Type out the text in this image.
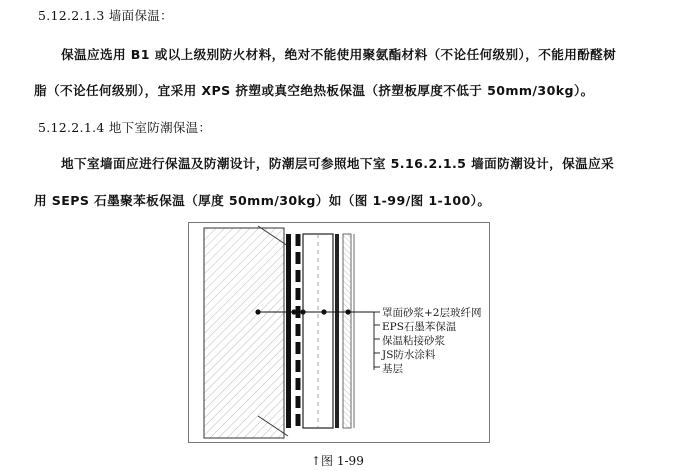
5.12.2.1.3 墙面保温：
保温应选用 B1 或以上级别防火材料，绝对不能使用聚氨酯材料（不论任何级别），不能用酚醛树
脂（不论任何级别），宜采用 XPS 挤塑或真空绝热板保温（挤塑板厚度不低于 50mm/30kg）。
5.12.2.1.4 地下室防潮保温：
地下室墙面应进行保温及防潮设计，防潮层可参照地下室 5.16.2.1.5 墙面防潮设计，保温应采
用 SEPS 石墨聚苯板保温（厚度 50mm/30kg）如（图 1-99/图 1-100）。
罩面砂浆+2层玻纤网
EPS石墨苯保温
保温粘接砂浆
JS防水涂料
基层
↑图 1-99
